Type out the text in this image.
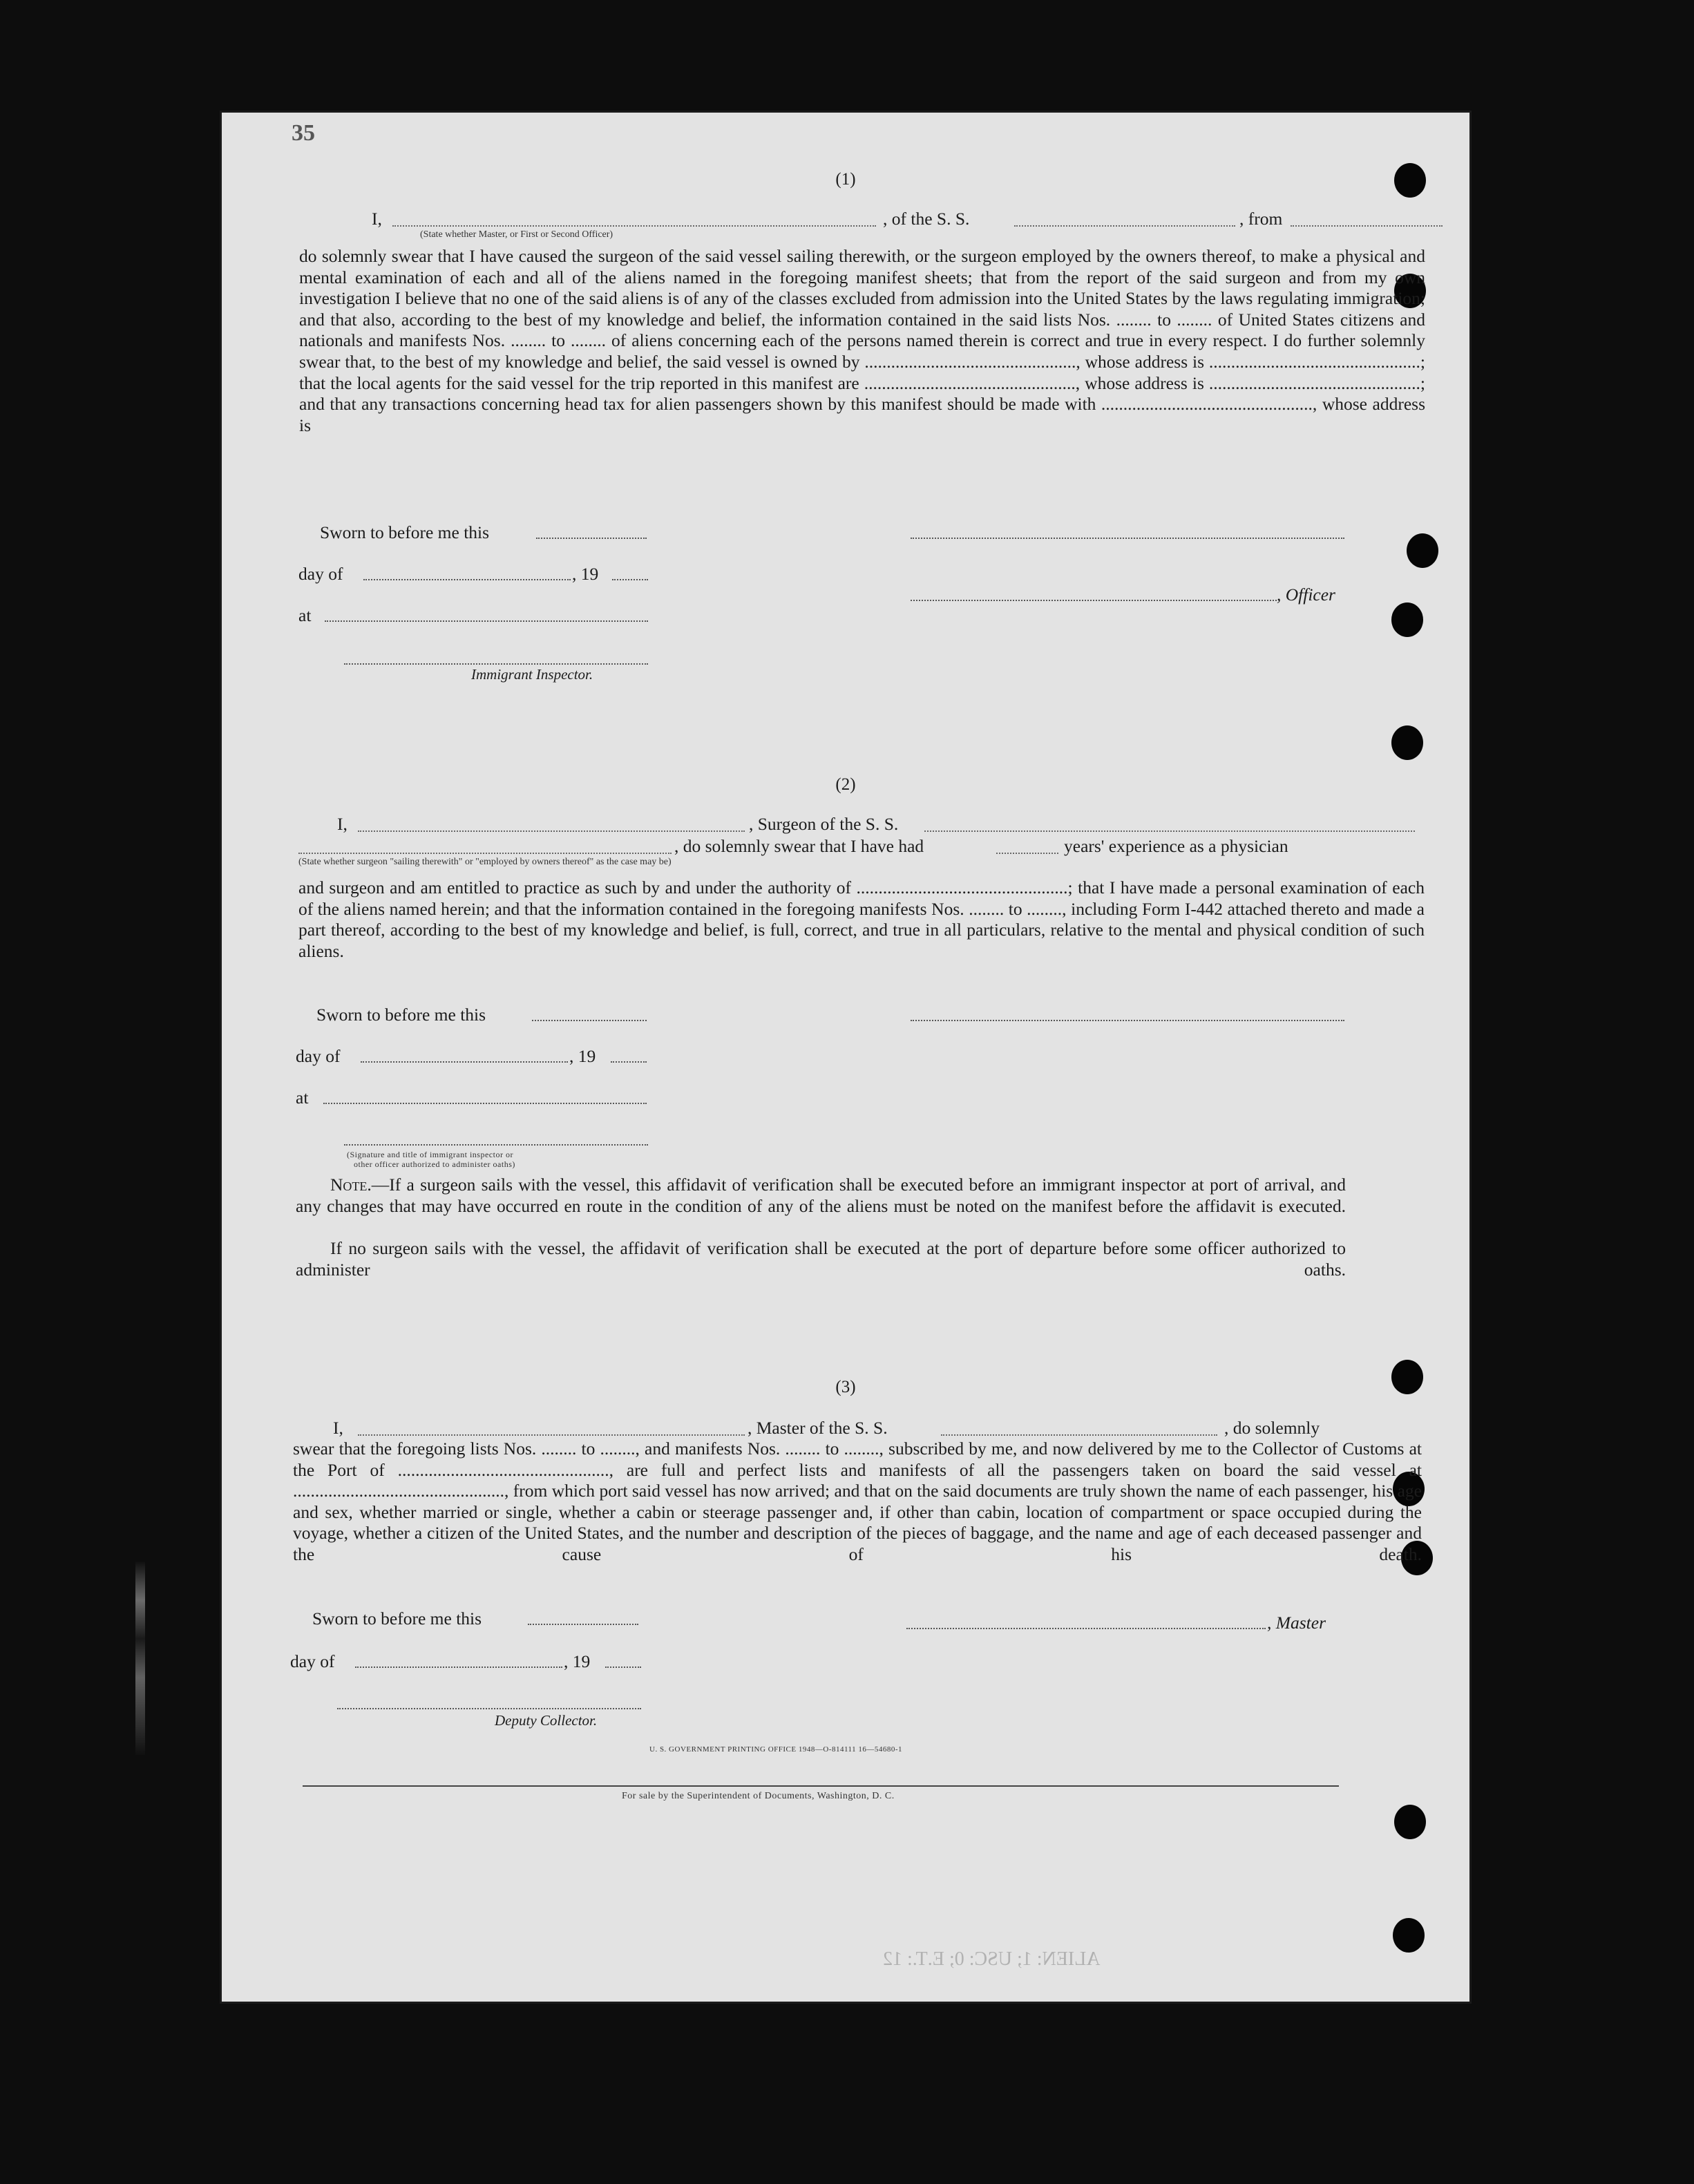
35
ALIEN: 1; USC: 0; E.T.: 12
(1)
I,	, of the S. S.	, from
(State whether Master, or First or Second Officer)
do solemnly swear that I have caused the surgeon of the said vessel sailing therewith, or the surgeon employed by the owners thereof, to make a physical and mental examination of each and all of the aliens named in the foregoing manifest sheets; that from the report of the said surgeon and from my own investigation I believe that no one of the said aliens is of any of the classes excluded from admission into the United States by the laws regulating immigration; and that also, according to the best of my knowledge and belief, the information contained in the said lists Nos. ........ to ........ of United States citizens and nationals and manifests Nos. ........ to ........ of aliens concerning each of the persons named therein is correct and true in every respect. I do further solemnly swear that, to the best of my knowledge and belief, the said vessel is owned by ................................................, whose address is ................................................; that the local agents for the said vessel for the trip reported in this manifest are ................................................, whose address is ................................................; and that any transactions concerning head tax for alien passengers shown by this manifest should be made with ................................................, whose address is
Sworn to before me this
day of	, 19
at
, Officer
Immigrant Inspector.
(2)
I,	, Surgeon of the S. S.
, do solemnly swear that I have had	years' experience as a physician
(State whether surgeon "sailing therewith" or "employed by owners thereof" as the case may be)
and surgeon and am entitled to practice as such by and under the authority of ................................................; that I have made a personal examination of each of the aliens named herein; and that the information contained in the foregoing manifests Nos. ........ to ........, including Form I-442 attached thereto and made a part thereof, according to the best of my knowledge and belief, is full, correct, and true in all particulars, relative to the mental and physical condition of such aliens.
Sworn to before me this
day of	, 19
at
(Signature and title of immigrant inspector or
other officer authorized to administer oaths)
Note.—If a surgeon sails with the vessel, this affidavit of verification shall be executed before an immigrant inspector at port of arrival, and any changes that may have occurred en route in the condition of any of the aliens must be noted on the manifest before the affidavit is executed.
If no surgeon sails with the vessel, the affidavit of verification shall be executed at the port of departure before some officer authorized to administer oaths.
(3)
I,	, Master of the S. S.	, do solemnly
swear that the foregoing lists Nos. ........ to ........, and manifests Nos. ........ to ........, subscribed by me, and now delivered by me to the Collector of Customs at the Port of ................................................, are full and perfect lists and manifests of all the passengers taken on board the said vessel at ................................................, from which port said vessel has now arrived; and that on the said documents are truly shown the name of each passenger, his age and sex, whether married or single, whether a cabin or steerage passenger and, if other than cabin, location of compartment or space occupied during the voyage, whether a citizen of the United States, and the number and description of the pieces of baggage, and the name and age of each deceased passenger and the cause of his death.
Sworn to before me this	, Master
day of	, 19
Deputy Collector.
U. S. GOVERNMENT PRINTING OFFICE 1948—O-814111 16—54680-1
For sale by the Superintendent of Documents, Washington, D. C.
